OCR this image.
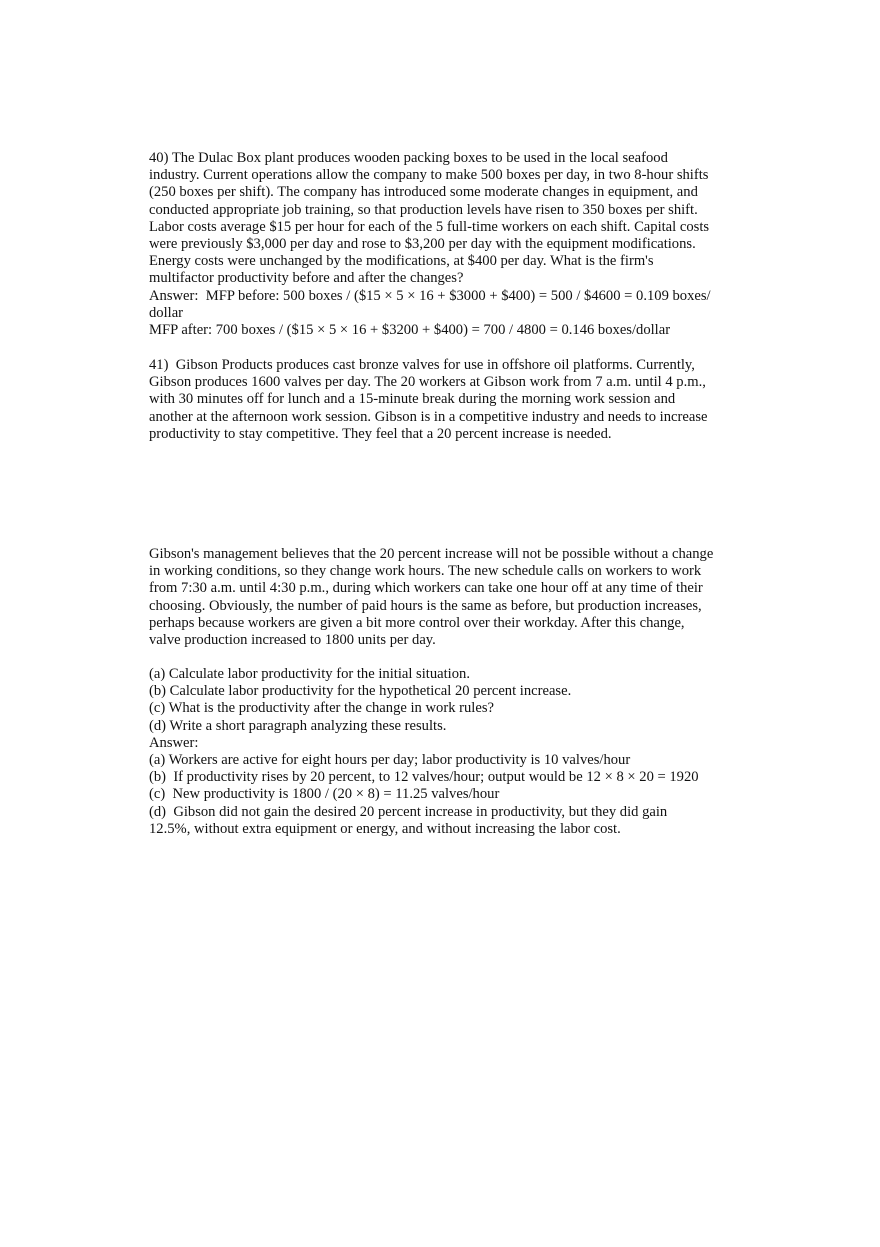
40) The Dulac Box plant produces wooden packing boxes to be used in the local seafood
industry. Current operations allow the company to make 500 boxes per day, in two 8-hour shifts
(250 boxes per shift). The company has introduced some moderate changes in equipment, and
conducted appropriate job training, so that production levels have risen to 350 boxes per shift.
Labor costs average $15 per hour for each of the 5 full-time workers on each shift. Capital costs
were previously $3,000 per day and rose to $3,200 per day with the equipment modifications.
Energy costs were unchanged by the modifications, at $400 per day. What is the firm's
multifactor productivity before and after the changes?
Answer:  MFP before: 500 boxes / ($15 × 5 × 16 + $3000 + $400) = 500 / $4600 = 0.109 boxes/
dollar
MFP after: 700 boxes / ($15 × 5 × 16 + $3200 + $400) = 700 / 4800 = 0.146 boxes/dollar
41)  Gibson Products produces cast bronze valves for use in offshore oil platforms. Currently,
Gibson produces 1600 valves per day. The 20 workers at Gibson work from 7 a.m. until 4 p.m.,
with 30 minutes off for lunch and a 15-minute break during the morning work session and
another at the afternoon work session. Gibson is in a competitive industry and needs to increase
productivity to stay competitive. They feel that a 20 percent increase is needed.
Gibson's management believes that the 20 percent increase will not be possible without a change
in working conditions, so they change work hours. The new schedule calls on workers to work
from 7:30 a.m. until 4:30 p.m., during which workers can take one hour off at any time of their
choosing. Obviously, the number of paid hours is the same as before, but production increases,
perhaps because workers are given a bit more control over their workday. After this change,
valve production increased to 1800 units per day.
(a) Calculate labor productivity for the initial situation.
(b) Calculate labor productivity for the hypothetical 20 percent increase.
(c) What is the productivity after the change in work rules?
(d) Write a short paragraph analyzing these results.
Answer:
(a) Workers are active for eight hours per day; labor productivity is 10 valves/hour
(b)  If productivity rises by 20 percent, to 12 valves/hour; output would be 12 × 8 × 20 = 1920
(c)  New productivity is 1800 / (20 × 8) = 11.25 valves/hour
(d)  Gibson did not gain the desired 20 percent increase in productivity, but they did gain
12.5%, without extra equipment or energy, and without increasing the labor cost.
